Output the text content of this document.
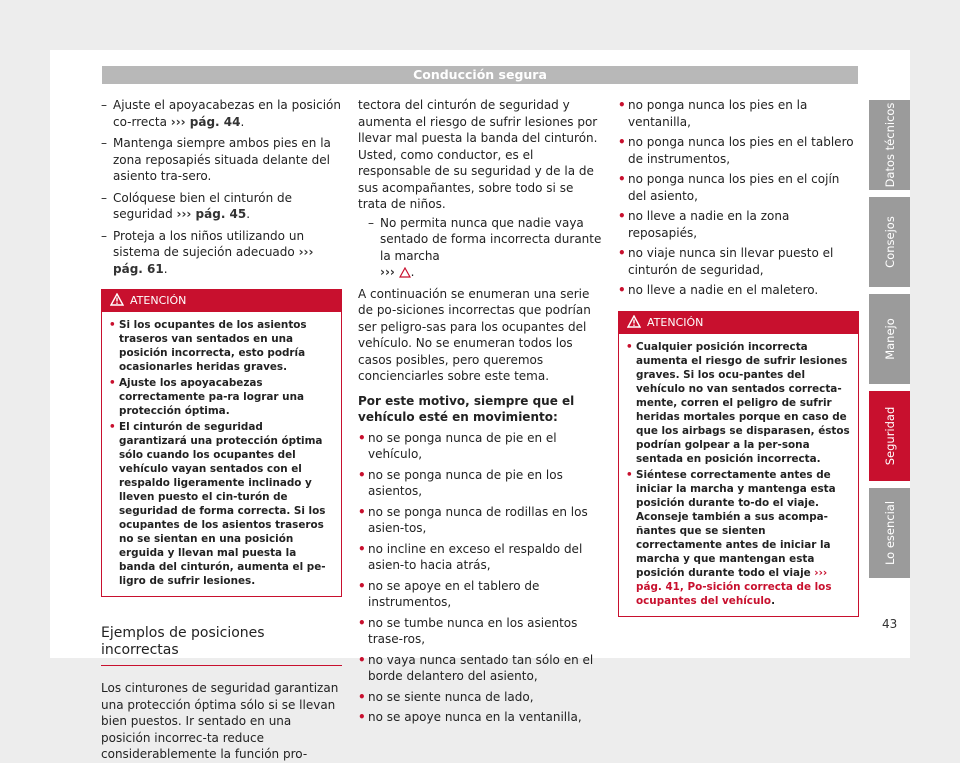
Conducción segura

– Ajuste el apoyacabezas en la posición co-rrecta ››› pág. 44.

– Mantenga siempre ambos pies en la zona reposapiés situada delante del asiento tra-sero.

– Colóquese bien el cinturón de seguridad ››› pág. 45.

– Proteja a los niños utilizando un sistema de sujeción adecuado ››› pág. 61.

ATENCIÓN

• Si los ocupantes de los asientos traseros van sentados en una posición incorrecta, esto podría ocasionarles heridas graves.

• Ajuste los apoyacabezas correctamente pa-ra lograr una protección óptima.

• El cinturón de seguridad garantizará una protección óptima sólo cuando los ocupantes del vehículo vayan sentados con el respaldo ligeramente inclinado y lleven puesto el cin-turón de seguridad de forma correcta. Si los ocupantes de los asientos traseros no se sientan en una posición erguida y llevan mal puesta la banda del cinturón, aumenta el pe-ligro de sufrir lesiones.

Ejemplos de posiciones incorrectas

Los cinturones de seguridad garantizan una protección óptima sólo si se llevan bien puestos. Ir sentado en una posición incorrec-ta reduce considerablemente la función pro-

tectora del cinturón de seguridad y aumenta el riesgo de sufrir lesiones por llevar mal puesta la banda del cinturón. Usted, como conductor, es el responsable de su seguridad y de la de sus acompañantes, sobre todo si se trata de niños.

– No permita nunca que nadie vaya sentado de forma incorrecta durante la marcha
››› .

A continuación se enumeran una serie de po-siciones incorrectas que podrían ser peligro-sas para los ocupantes del vehículo. No se enumeran todos los casos posibles, pero queremos concienciarles sobre este tema.

Por este motivo, siempre que el vehículo esté en movimiento:

• no se ponga nunca de pie en el vehículo,

• no se ponga nunca de pie en los asientos,

• no se ponga nunca de rodillas en los asien-tos,

• no incline en exceso el respaldo del asien-to hacia atrás,

• no se apoye en el tablero de instrumentos,

• no se tumbe nunca en los asientos trase-ros,

• no vaya nunca sentado tan sólo en el borde delantero del asiento,

• no se siente nunca de lado,

• no se apoye nunca en la ventanilla,

• no ponga nunca los pies en la ventanilla,

• no ponga nunca los pies en el tablero de instrumentos,

• no ponga nunca los pies en el cojín del asiento,

• no lleve a nadie en la zona reposapiés,

• no viaje nunca sin llevar puesto el cinturón de seguridad,

• no lleve a nadie en el maletero.

ATENCIÓN

• Cualquier posición incorrecta aumenta el riesgo de sufrir lesiones graves. Si los ocu-pantes del vehículo no van sentados correcta-mente, corren el peligro de sufrir heridas mortales porque en caso de que los airbags se disparasen, éstos podrían golpear a la per-sona sentada en posición incorrecta.

• Siéntese correctamente antes de iniciar la marcha y mantenga esta posición durante to-do el viaje. Aconseje también a sus acompa-ñantes que se sienten correctamente antes de iniciar la marcha y que mantengan esta posición durante todo el viaje ››› pág. 41, Po-sición correcta de los ocupantes del vehículo.

Datos técnicos
Consejos
Manejo
Seguridad
Lo esencial
43
